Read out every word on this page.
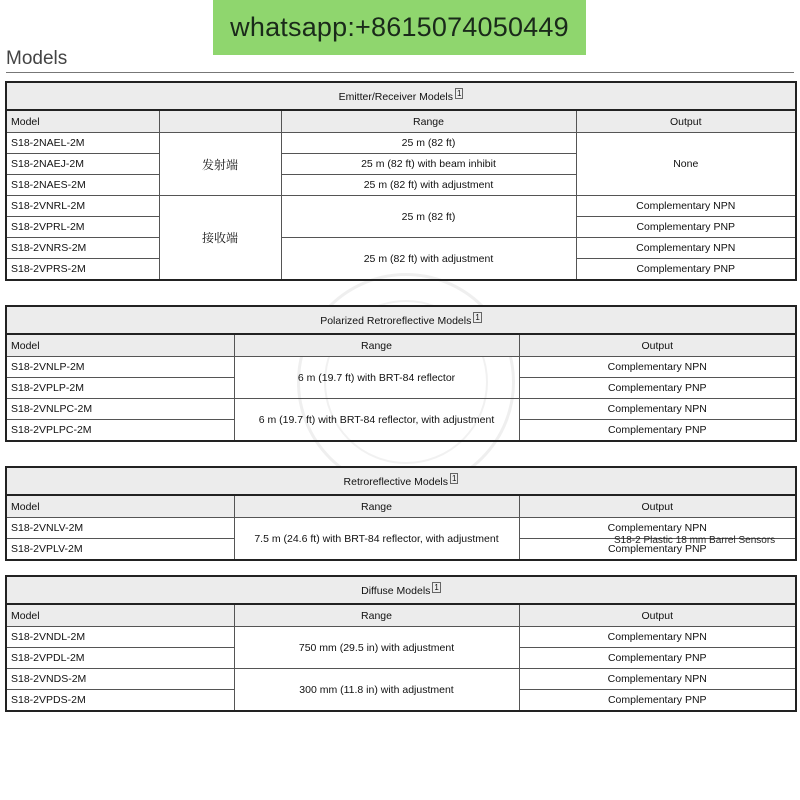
whatsapp:+8615074050449
Models
Emitter/Receiver Models $^1$
Model		Range	Output
S18-2NAEL-2M	发射端	25 m (82 ft)	None
S18-2NAEJ-2M		25 m (82 ft) with beam inhibit	
S18-2NAES-2M		25 m (82 ft) with adjustment	
S18-2VNRL-2M	接收端	25 m (82 ft)	Complementary NPN
S18-2VPRL-2M			Complementary PNP
S18-2VNRS-2M		25 m (82 ft) with adjustment	Complementary NPN
S18-2VPRS-2M			Complementary PNP
Polarized Retroreflective Models $^1$
Model	Range	Output
S18-2VNLP-2M	6 m (19.7 ft) with BRT-84 reflector	Complementary NPN
S18-2VPLP-2M		Complementary PNP
S18-2VNLPC-2M	6 m (19.7 ft) with BRT-84 reflector, with adjustment	Complementary NPN
S18-2VPLPC-2M		Complementary PNP
Retroreflective Models $^1$
Model	Range	Output
S18-2VNLV-2M	7.5 m (24.6 ft) with BRT-84 reflector, with adjustment	Complementary NPN
S18-2VPLV-2M		Complementary PNP
S18-2 Plastic 18 mm Barrel Sensors
Diffuse Models $^1$
Model	Range	Output
S18-2VNDL-2M	750 mm (29.5 in) with adjustment	Complementary NPN
S18-2VPDL-2M		Complementary PNP
S18-2VNDS-2M	300 mm (11.8 in) with adjustment	Complementary NPN
S18-2VPDS-2M		Complementary PNP
